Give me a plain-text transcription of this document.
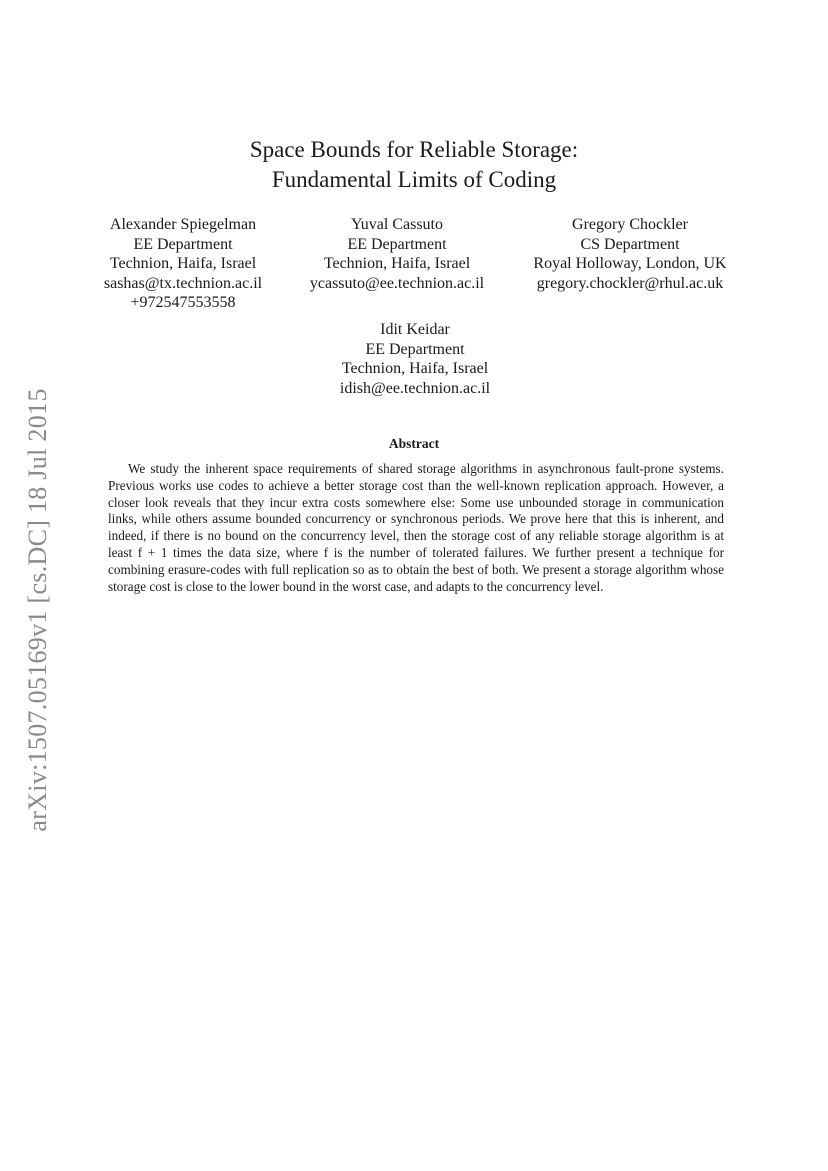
arXiv:1507.05169v1 [cs.DC] 18 Jul 2015
Space Bounds for Reliable Storage:
Fundamental Limits of Coding
Alexander Spiegelman
EE Department
Technion, Haifa, Israel
sashas@tx.technion.ac.il
+972547553558
Yuval Cassuto
EE Department
Technion, Haifa, Israel
ycassuto@ee.technion.ac.il
Gregory Chockler
CS Department
Royal Holloway, London, UK
gregory.chockler@rhul.ac.uk
Idit Keidar
EE Department
Technion, Haifa, Israel
idish@ee.technion.ac.il
Abstract

We study the inherent space requirements of shared storage algorithms in asynchronous fault-prone systems. Previous works use codes to achieve a better storage cost than the well-known replication approach. However, a closer look reveals that they incur extra costs somewhere else: Some use unbounded storage in communication links, while others assume bounded concurrency or synchronous periods. We prove here that this is inherent, and indeed, if there is no bound on the concurrency level, then the storage cost of any reliable storage algorithm is at least f + 1 times the data size, where f is the number of tolerated failures. We further present a technique for combining erasure-codes with full replication so as to obtain the best of both. We present a storage algorithm whose storage cost is close to the lower bound in the worst case, and adapts to the concurrency level.
